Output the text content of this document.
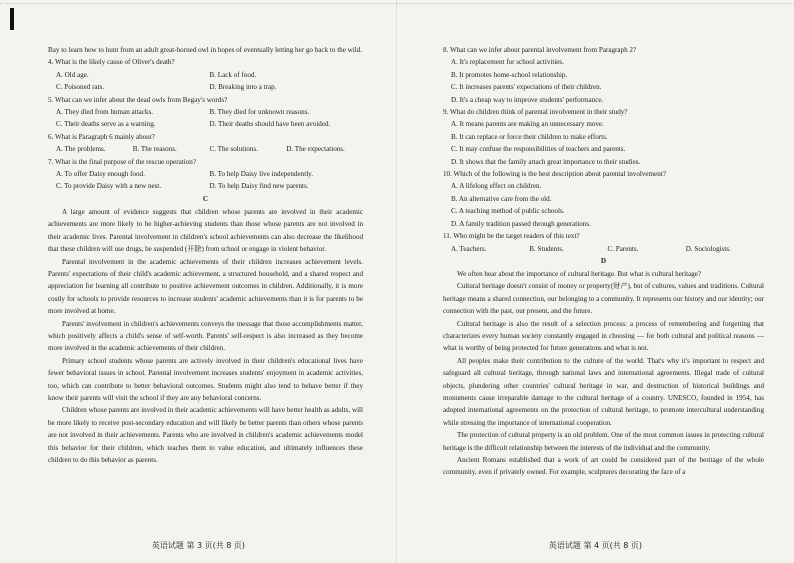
Bay to learn how to hunt from an adult great-horned owl in hopes of eventually letting her go back to the wild.

4. What is the likely cause of Oliver's death?

A. Old age.	B. Lack of food.
C. Poisoned rats.	D. Breaking into a trap.

5. What can we infer about the dead owls from Begay's words?

A. They died from human attacks.	B. They died for unknown reasons.
C. Their deaths serve as a warning.	D. Their deaths should have been avoided.

6. What is Paragraph 6 mainly about?

A. The problems.	B. The reasons.	C. The solutions.	D. The expectations.

7. What is the final purpose of the rescue operation?

A. To offer Daisy enough food.	B. To help Daisy live independently.
C. To provide Daisy with a new nest.	D. To help Daisy find new parents.
C

A large amount of evidence suggests that children whose parents are involved in their academic achievements are more likely to be higher-achieving students than those whose parents are not involved in their academic lives. Parental involvement in children's school achievements can also decrease the likelihood that these children will use drugs, be suspended (开除) from school or engage in violent behavior.

Parental involvement in the academic achievements of their children increases achievement levels. Parents' expectations of their child's academic achievement, a structured household, and a shared respect and appreciation for learning all contribute to positive achievement outcomes in children. Additionally, it is more costly for schools to provide resources to increase students' academic achievements than it is for parents to be more involved at home.

Parents' involvement in children's achievements conveys the message that those accomplishments matter, which positively affects a child's sense of self-worth. Parents' self-respect is also increased as they become more involved in the academic achievements of their children.

Primary school students whose parents are actively involved in their children's educational lives have fewer behavioral issues in school. Parental involvement increases students' enjoyment in academic activities, too, which can contribute to better behavioral outcomes. Students might also tend to behave better if they know their parents will visit the school if they are any behavioral concerns.

Children whose parents are involved in their academic achievements will have better health as adults, will be more likely to receive post-secondary education and will likely be better parents than others whose parents are not involved in their achievements. Parents who are involved in children's academic achievements model this behavior for their children, which teaches them to value education, and ultimately influences these children to do this behavior as parents.

英语试题 第 3 页(共 8 页)

8. What can we infer about parental involvement from Paragraph 2?

A. It's replacement for school activities.
B. It promotes home-school relationship.
C. It increases parents' expectations of their children.
D. It's a cheap way to improve students' performance.

9. What do children think of parental involvement in their study?

A. It means parents are making an unnecessary move.
B. It can replace or force their children to make efforts.
C. It may confuse the responsibilities of teachers and parents.
D. It shows that the family attach great importance to their studies.

10. Which of the following is the best description about parental involvement?

A. A lifelong effect on children.
B. An alternative care from the old.
C. A teaching method of public schools.
D. A family tradition passed through generations.

11. Who might be the target readers of this text?

A. Teachers.	B. Students.	C. Parents.	D. Sociologists.
D

We often hear about the importance of cultural heritage. But what is cultural heritage?

Cultural heritage doesn't consist of money or property(财产), but of cultures, values and traditions. Cultural heritage means a shared connection, our belonging to a community. It represents our history and our identity; our connection with the past, our present, and the future.

Cultural heritage is also the result of a selection process: a process of remembering and forgetting that characterizes every human society constantly engaged in choosing — for both cultural and political reasons — what is worthy of being protected for future generations and what is not.

All peoples make their contribution to the culture of the world. That's why it's important to respect and safeguard all cultural heritage, through national laws and international agreements. Illegal trade of cultural objects, plundering other countries' cultural heritage in war, and destruction of historical buildings and monuments cause irreparable damage to the cultural heritage of a country. UNESCO, founded in 1954, has adopted international agreements on the protection of cultural heritage, to promote intercultural understanding while stressing the importance of international cooperation.

The protection of cultural property is an old problem. One of the most common issues in protecting cultural heritage is the difficult relationship between the interests of the individual and the community.

Ancient Romans established that a work of art could be considered part of the heritage of the whole community, even if privately owned. For example, sculptures decorating the face of a

英语试题 第 4 页(共 8 页)
